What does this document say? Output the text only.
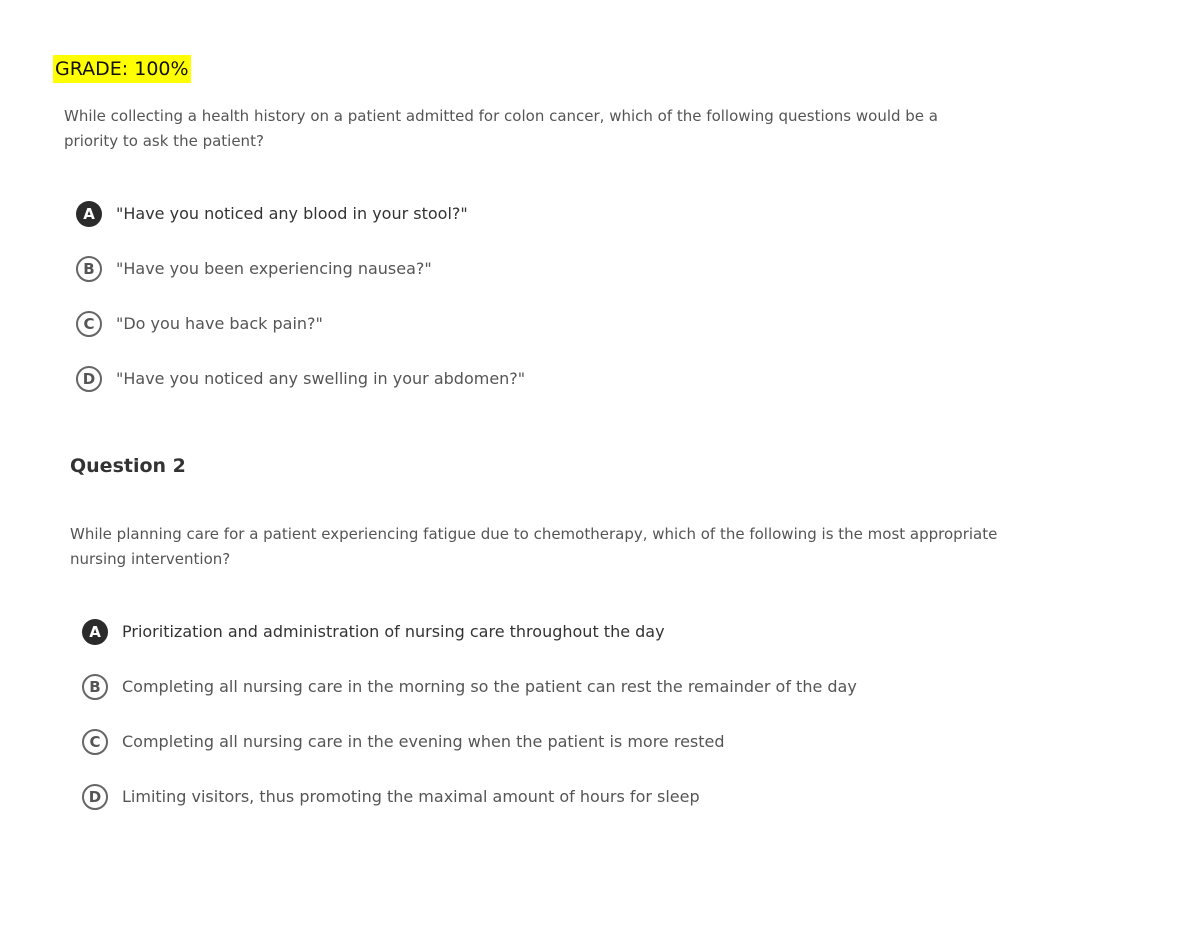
GRADE: 100%

While collecting a health history on a patient admitted for colon cancer, which of the following questions would be a priority to ask the patient?

A	"Have you noticed any blood in your stool?"
B	"Have you been experiencing nausea?"
C	"Do you have back pain?"
D	"Have you noticed any swelling in your abdomen?"
Question 2

While planning care for a patient experiencing fatigue due to chemotherapy, which of the following is the most appropriate nursing intervention?

A	Prioritization and administration of nursing care throughout the day
B	Completing all nursing care in the morning so the patient can rest the remainder of the day
C	Completing all nursing care in the evening when the patient is more rested
D	Limiting visitors, thus promoting the maximal amount of hours for sleep
